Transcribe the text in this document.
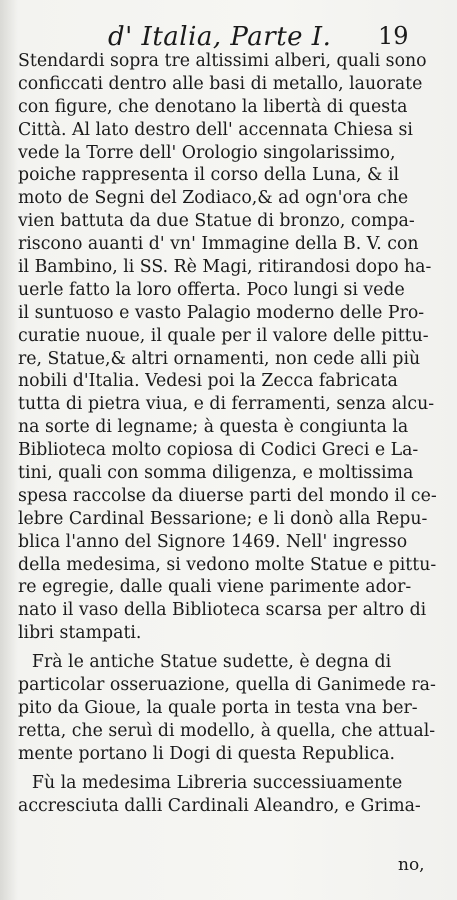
d' Italia, Parte I. 19
Stendardi sopra tre altissimi alberi, quali sono
conficcati dentro alle basi di metallo, lauorate
con figure, che denotano la libertà di questa
Città. Al lato destro dell' accennata Chiesa si
vede la Torre dell' Orologio singolarissimo,
poiche rappresenta il corso della Luna, & il
moto de Segni del Zodiaco,& ad ogn'ora che
vien battuta da due Statue di bronzo, compa-
riscono auanti d' vn' Immagine della B. V. con
il Bambino, li SS. Rè Magi, ritirandosi dopo ha-
uerle fatto la loro offerta. Poco lungi si vede
il suntuoso e vasto Palagio moderno delle Pro-
curatie nuoue, il quale per il valore delle pittu-
re, Statue,& altri ornamenti, non cede alli più
nobili d'Italia. Vedesi poi la Zecca fabricata
tutta di pietra viua, e di ferramenti, senza alcu-
na sorte di legname; à questa è congiunta la
Biblioteca molto copiosa di Codici Greci e La-
tini, quali con somma diligenza, e moltissima
spesa raccolse da diuerse parti del mondo il ce-
lebre Cardinal Bessarione; e li donò alla Repu-
blica l'anno del Signore 1469. Nell' ingresso
della medesima, si vedono molte Statue e pittu-
re egregie, dalle quali viene parimente ador-
nato il vaso della Biblioteca scarsa per altro di
libri stampati.
Frà le antiche Statue sudette, è degna di
particolar osseruazione, quella di Ganimede ra-
pito da Gioue, la quale porta in testa vna ber-
retta, che seruì di modello, à quella, che attual-
mente portano li Dogi di questa Republica.
Fù la medesima Libreria successiuamente
accresciuta dalli Cardinali Aleandro, e Grima-
no,
